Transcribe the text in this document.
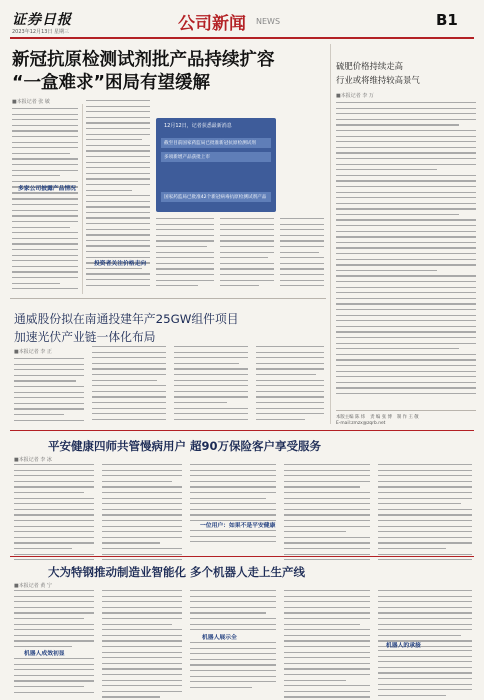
证券日报
2023年12月13日 星期三	公司新闻 NEWS	B1
新冠抗原检测试剂批产品持续扩容
“一盒难求”困局有望缓解
■本报记者 张 敏
多家公司披露产品情况
12月12日，记者获悉最新消息
截至目前国家药监局已批准新冠抗原检测试剂
多项新增产品获批上市
国家药监局已批准42个新冠病毒抗原检测试剂产品
投资者关注价格走向
硫肥价格持续走高
行业或将维持较高景气
■本报记者 李 万
本版主编 陈 炜 责 编 张 博 制 作 王 敬
E-mail:zmzx@zqrb.net
通威股份拟在南通投建年产25GW组件项目
加速光伏产业链一体化布局
■本报记者 李 正
平安健康四师共管慢病用户 超90万保险客户享受服务
■本报记者 李 冰
一位用户：如果不是平安健康
大为特钢推动制造业智能化 多个机器人走上生产线
■本报记者 黄 宁
机器人成效初显
机器人展示全
机器人的承接
